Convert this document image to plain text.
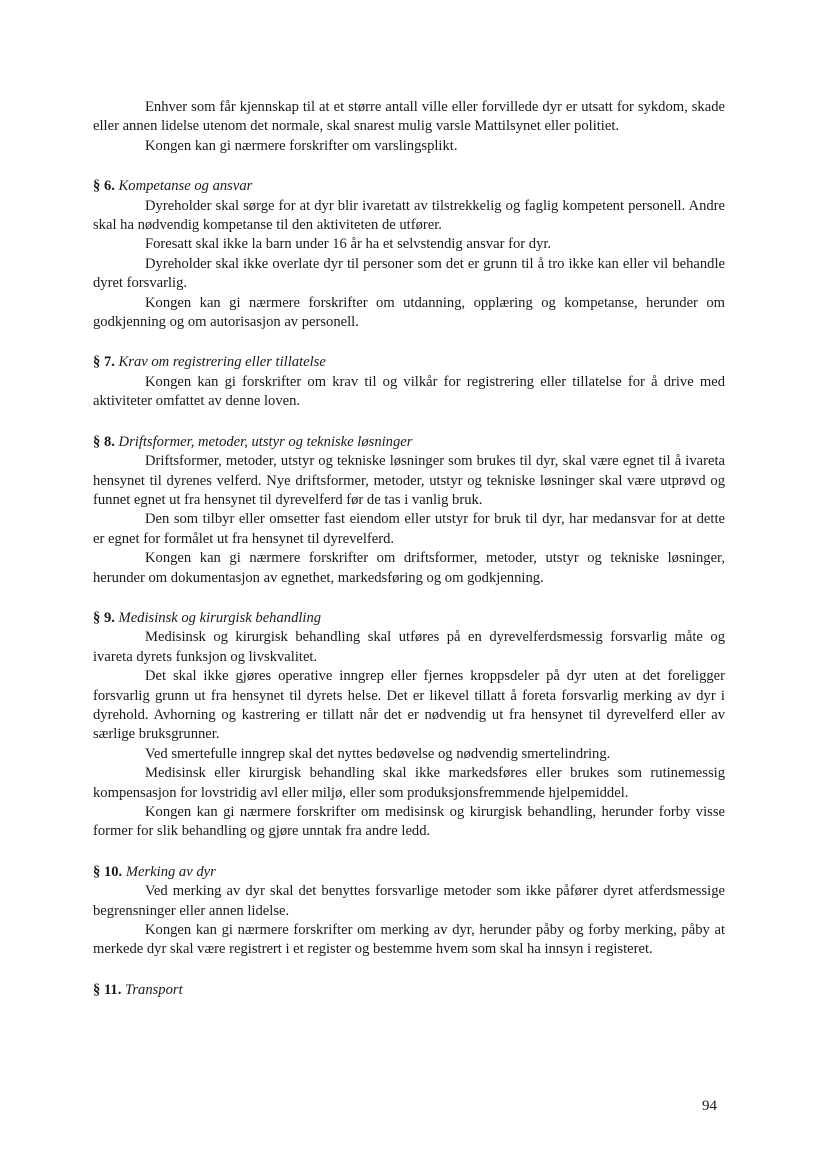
Enhver som får kjennskap til at et større antall ville eller forvillede dyr er utsatt for sykdom, skade eller annen lidelse utenom det normale, skal snarest mulig varsle Mattilsynet eller politiet.

Kongen kan gi nærmere forskrifter om varslingsplikt.

§ 6. Kompetanse og ansvar

Dyreholder skal sørge for at dyr blir ivaretatt av tilstrekkelig og faglig kompetent personell. Andre skal ha nødvendig kompetanse til den aktiviteten de utfører.

Foresatt skal ikke la barn under 16 år ha et selvstendig ansvar for dyr.

Dyreholder skal ikke overlate dyr til personer som det er grunn til å tro ikke kan eller vil behandle dyret forsvarlig.

Kongen kan gi nærmere forskrifter om utdanning, opplæring og kompetanse, herunder om godkjenning og om autorisasjon av personell.

§ 7. Krav om registrering eller tillatelse

Kongen kan gi forskrifter om krav til og vilkår for registrering eller tillatelse for å drive med aktiviteter omfattet av denne loven.

§ 8. Driftsformer, metoder, utstyr og tekniske løsninger

Driftsformer, metoder, utstyr og tekniske løsninger som brukes til dyr, skal være egnet til å ivareta hensynet til dyrenes velferd. Nye driftsformer, metoder, utstyr og tekniske løsninger skal være utprøvd og funnet egnet ut fra hensynet til dyrevelferd før de tas i vanlig bruk.

Den som tilbyr eller omsetter fast eiendom eller utstyr for bruk til dyr, har medansvar for at dette er egnet for formålet ut fra hensynet til dyrevelferd.

Kongen kan gi nærmere forskrifter om driftsformer, metoder, utstyr og tekniske løsninger, herunder om dokumentasjon av egnethet, markedsføring og om godkjenning.

§ 9. Medisinsk og kirurgisk behandling

Medisinsk og kirurgisk behandling skal utføres på en dyrevelferdsmessig forsvarlig måte og ivareta dyrets funksjon og livskvalitet.

Det skal ikke gjøres operative inngrep eller fjernes kroppsdeler på dyr uten at det foreligger forsvarlig grunn ut fra hensynet til dyrets helse. Det er likevel tillatt å foreta forsvarlig merking av dyr i dyrehold. Avhorning og kastrering er tillatt når det er nødvendig ut fra hensynet til dyrevelferd eller av særlige bruksgrunner.

Ved smertefulle inngrep skal det nyttes bedøvelse og nødvendig smertelindring.

Medisinsk eller kirurgisk behandling skal ikke markedsføres eller brukes som rutinemessig kompensasjon for lovstridig avl eller miljø, eller som produksjonsfremmende hjelpemiddel.

Kongen kan gi nærmere forskrifter om medisinsk og kirurgisk behandling, herunder forby visse former for slik behandling og gjøre unntak fra andre ledd.

§ 10. Merking av dyr

Ved merking av dyr skal det benyttes forsvarlige metoder som ikke påfører dyret atferdsmessige begrensninger eller annen lidelse.

Kongen kan gi nærmere forskrifter om merking av dyr, herunder påby og forby merking, påby at merkede dyr skal være registrert i et register og bestemme hvem som skal ha innsyn i registeret.

§ 11. Transport
94
